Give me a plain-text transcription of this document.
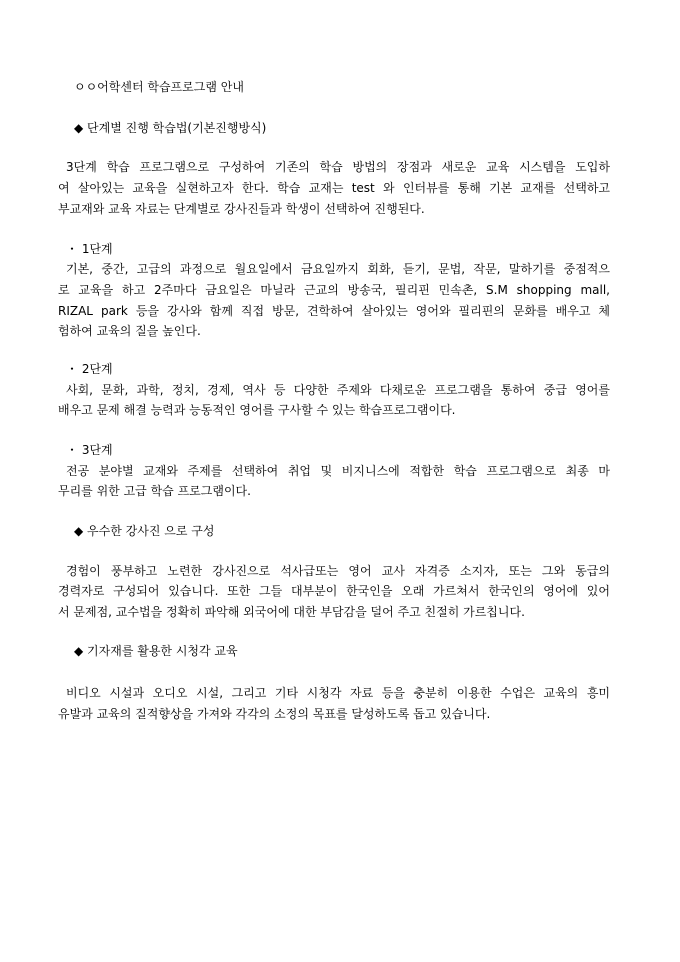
ㅇㅇ어학센터 학습프로그램 안내
◆ 단계별 진행 학습법(기본진행방식)
3단계 학습 프로그램으로 구성하여 기존의 학습 방법의 장점과 새로운 교육 시스템을 도입하
여 살아있는 교육을 실현하고자 한다. 학습 교재는 test 와 인터뷰를 통해 기본 교재를 선택하고
부교재와 교육 자료는 단계별로 강사진들과 학생이 선택하여 진행된다.
・ 1단계
기본, 중간, 고급의 과정으로 월요일에서 금요일까지 회화, 듣기, 문법, 작문, 말하기를 중점적으
로 교육을 하고 2주마다 금요일은 마닐라 근교의 방송국, 필리핀 민속촌, S.M shopping mall,
RIZAL park 등을 강사와 함께 직접 방문, 견학하여 살아있는 영어와 필리핀의 문화를 배우고 체
험하여 교육의 질을 높인다.
・ 2단계
사회, 문화, 과학, 정치, 경제, 역사 등 다양한 주제와 다채로운 프로그램을 통하여 중급 영어를
배우고 문제 해결 능력과 능동적인 영어를 구사할 수 있는 학습프로그램이다.
・ 3단계
전공 분야별 교재와 주제를 선택하여 취업 및 비지니스에 적합한 학습 프로그램으로 최종 마
무리를 위한 고급 학습 프로그램이다.
◆ 우수한 강사진 으로 구성
경험이 풍부하고 노련한 강사진으로 석사급또는 영어 교사 자격증 소지자, 또는 그와 동급의
경력자로 구성되어 있습니다. 또한 그들 대부분이 한국인을 오래 가르쳐서 한국인의 영어에 있어
서 문제점, 교수법을 정확히 파악해 외국어에 대한 부담감을 덜어 주고 친절히 가르칩니다.
◆ 기자재를 활용한 시청각 교육
비디오 시설과 오디오 시설, 그리고 기타 시청각 자료 등을 충분히 이용한 수업은 교육의 흥미
유발과 교육의 질적향상을 가져와 각각의 소정의 목표를 달성하도록 돕고 있습니다.
